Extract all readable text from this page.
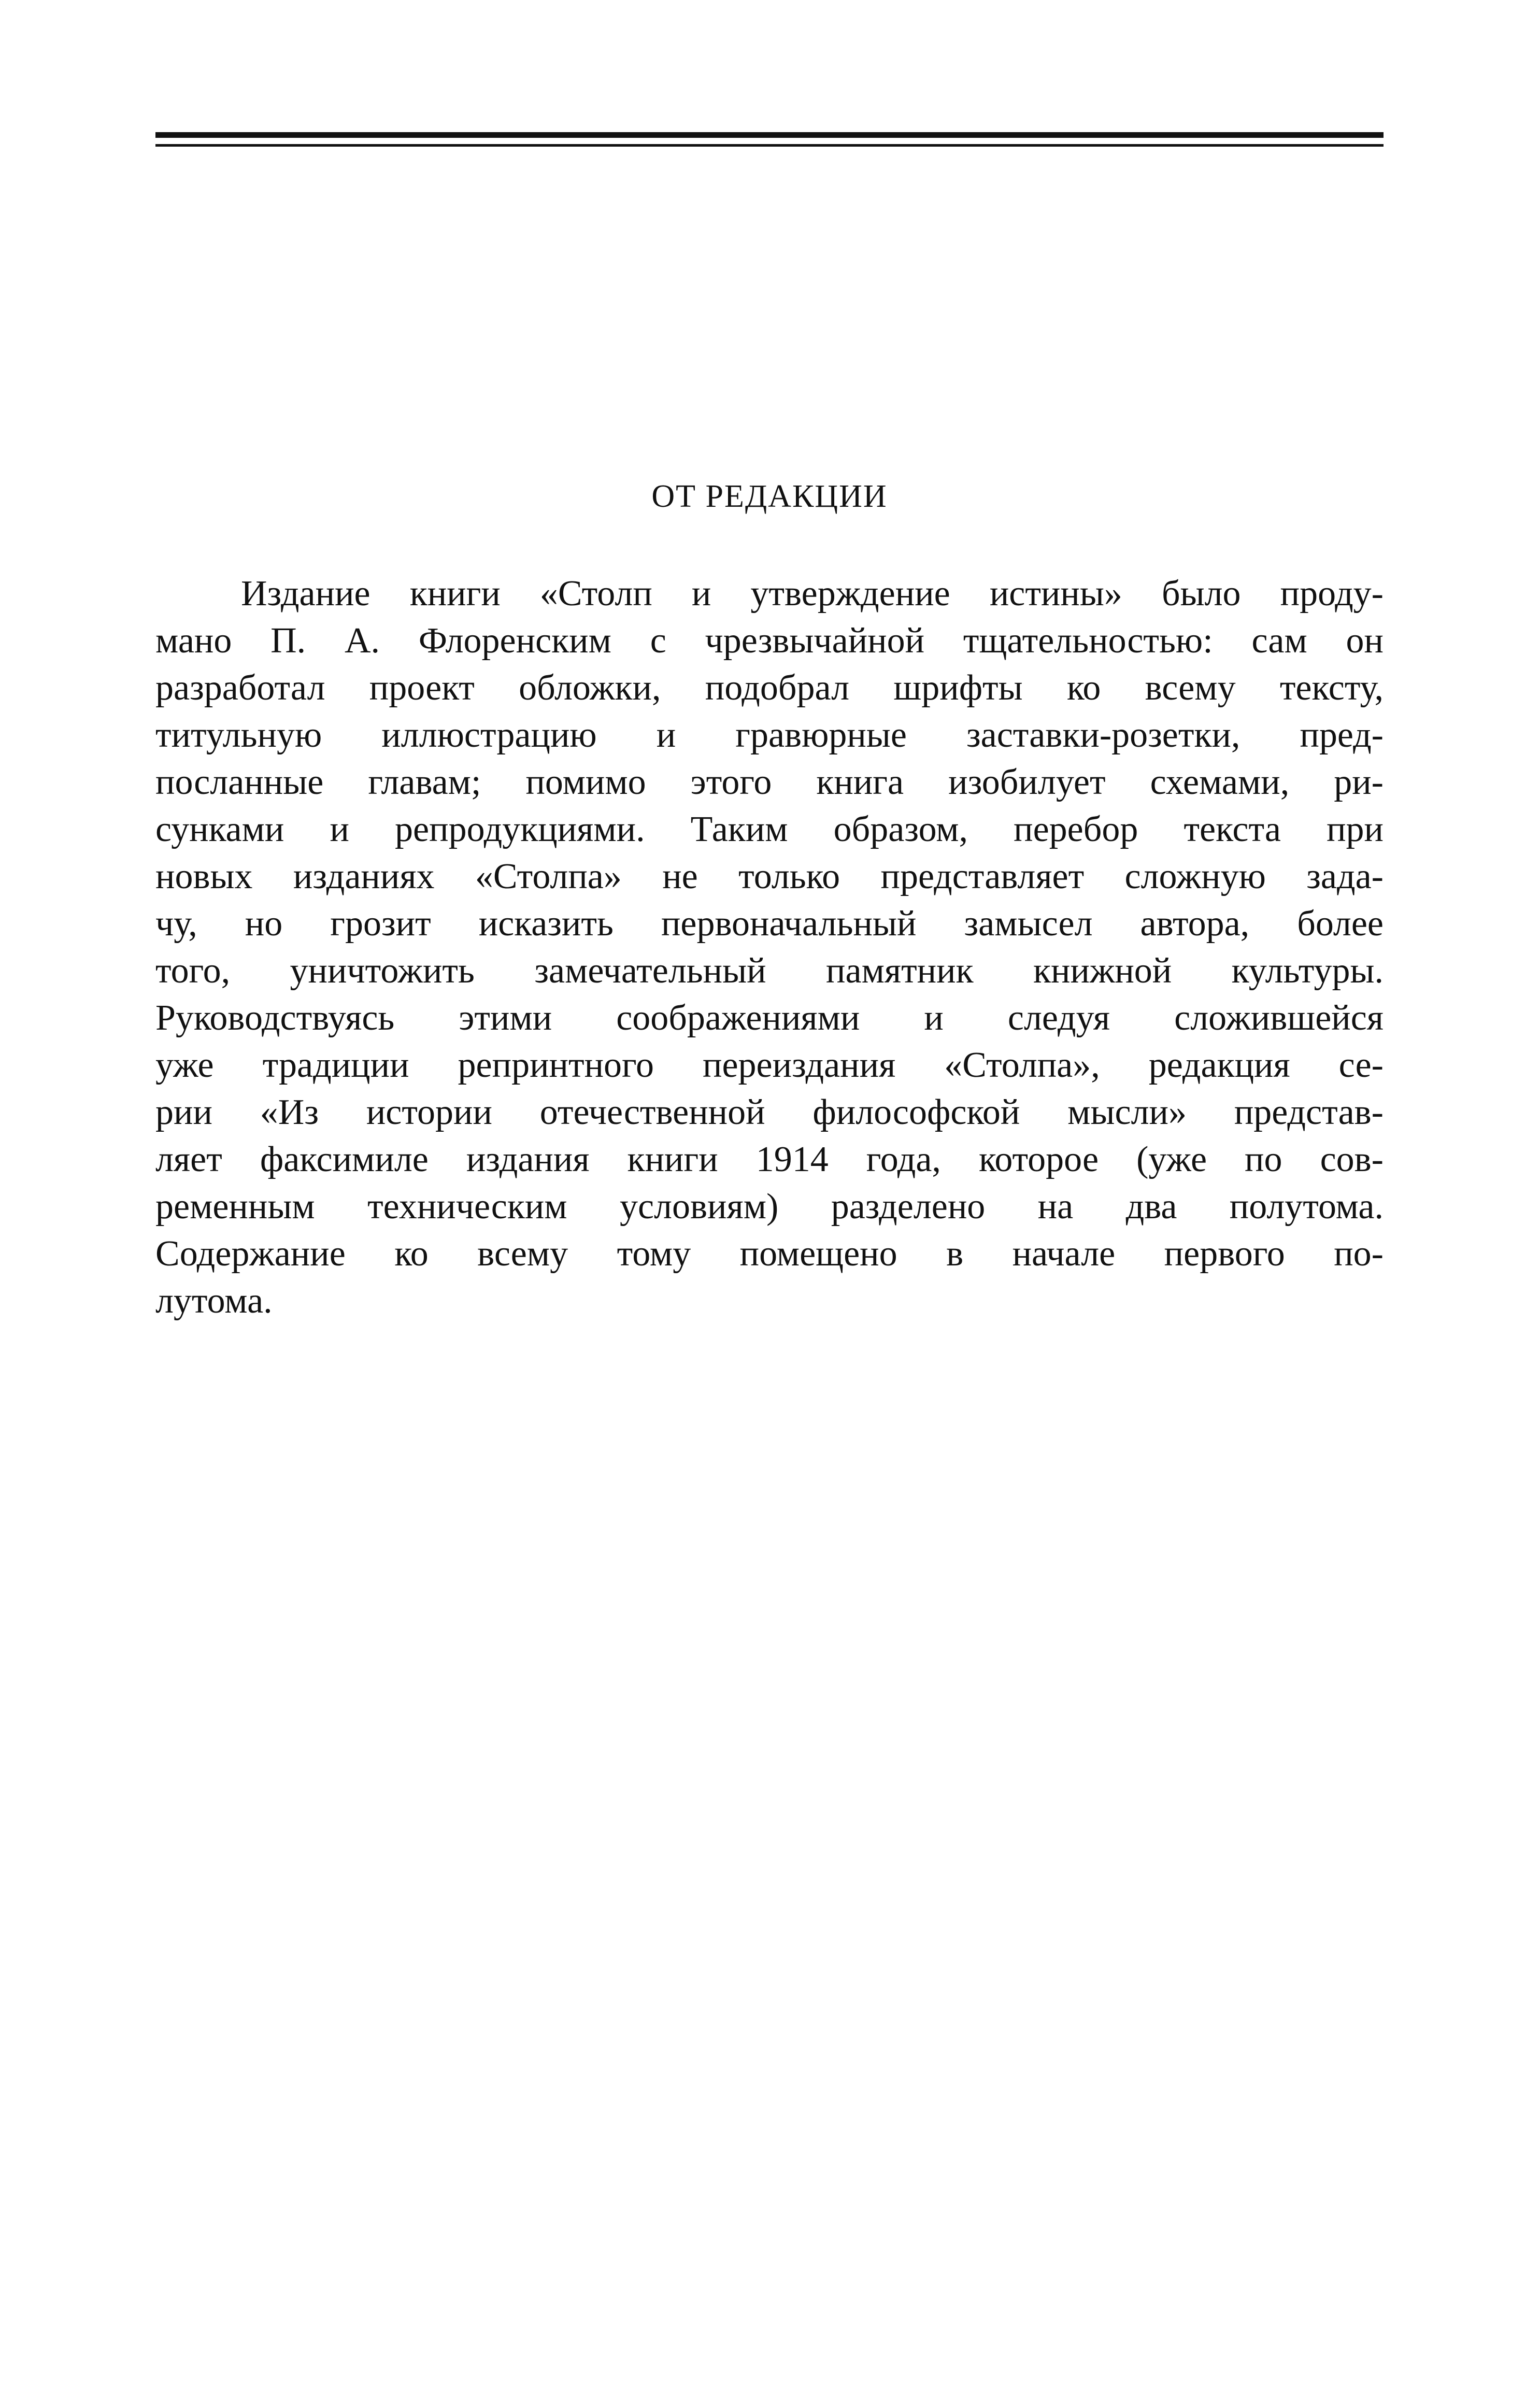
ОТ РЕДАКЦИИ
Издание книги «Столп и утверждение истины» было проду-
мано П. А. Флоренским с чрезвычайной тщательностью: сам он
разработал проект обложки, подобрал шрифты ко всему тексту,
титульную иллюстрацию и гравюрные заставки-розетки, пред-
посланные главам; помимо этого книга изобилует схемами, ри-
сунками и репродукциями. Таким образом, перебор текста при
новых изданиях «Столпа» не только представляет сложную зада-
чу, но грозит исказить первоначальный замысел автора, более
того, уничтожить замечательный памятник книжной культуры.
Руководствуясь этими соображениями и следуя сложившейся
уже традиции репринтного переиздания «Столпа», редакция се-
рии «Из истории отечественной философской мысли» представ-
ляет факсимиле издания книги 1914 года, которое (уже по сов-
ременным техническим условиям) разделено на два полутома.
Содержание ко всему тому помещено в начале первого по-
лутома.
